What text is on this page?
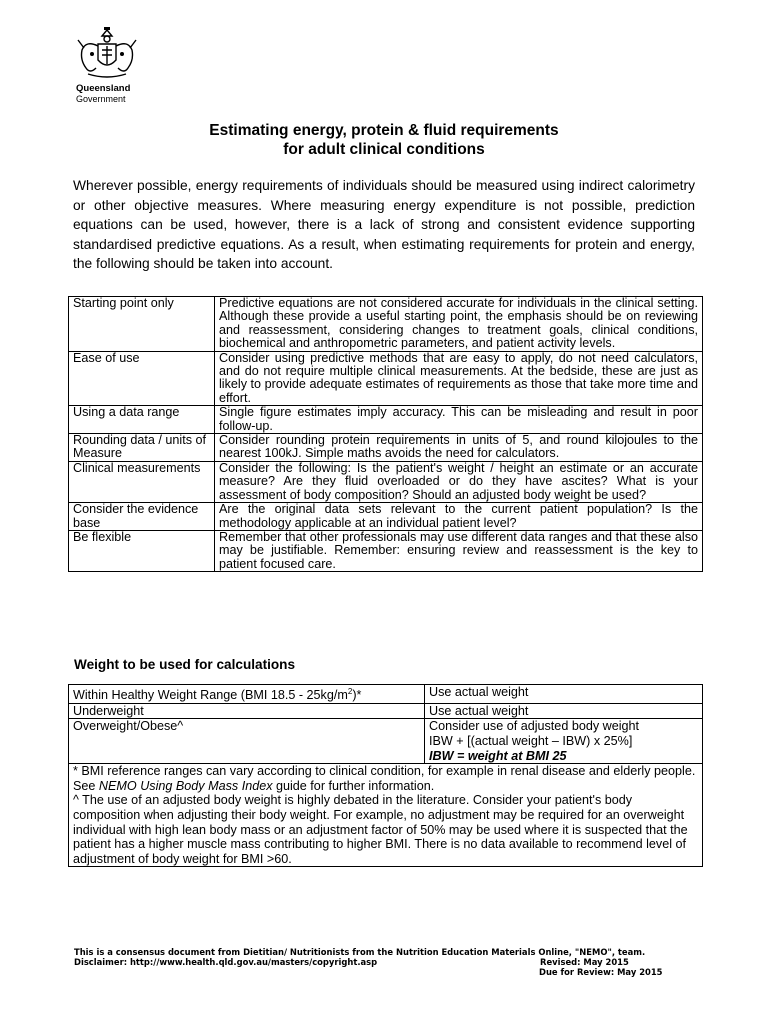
Queensland
Government
Estimating energy, protein & fluid requirements
for adult clinical conditions

Wherever possible, energy requirements of individuals should be measured using indirect calorimetry or other objective measures. Where measuring energy expenditure is not possible, prediction equations can be used, however, there is a lack of strong and consistent evidence supporting standardised predictive equations. As a result, when estimating requirements for protein and energy, the following should be taken into account.

Starting point only	Predictive equations are not considered accurate for individuals in the clinical setting. Although these provide a useful starting point, the emphasis should be on reviewing and reassessment, considering changes to treatment goals, clinical conditions, biochemical and anthropometric parameters, and patient activity levels.
Ease of use	Consider using predictive methods that are easy to apply, do not need calculators, and do not require multiple clinical measurements. At the bedside, these are just as likely to provide adequate estimates of requirements as those that take more time and effort.
Using a data range	Single figure estimates imply accuracy. This can be misleading and result in poor follow-up.
Rounding data / units of Measure	Consider rounding protein requirements in units of 5, and round kilojoules to the nearest 100kJ. Simple maths avoids the need for calculators.
Clinical measurements	Consider the following: Is the patient's weight / height an estimate or an accurate measure? Are they fluid overloaded or do they have ascites? What is your assessment of body composition? Should an adjusted body weight be used?
Consider the evidence base	Are the original data sets relevant to the current patient population? Is the methodology applicable at an individual patient level?
Be flexible	Remember that other professionals may use different data ranges and that these also may be justifiable. Remember: ensuring review and reassessment is the key to patient focused care.
Weight to be used for calculations
Within Healthy Weight Range (BMI $18.5 - 25kg/m^2)*$	Use actual weight
Underweight	Use actual weight
Overweight/Obese^	Consider use of adjusted body weight
IBW + [(actual weight – IBW) x 25%]
IBW = weight at BMI 25

* BMI reference ranges can vary according to clinical condition, for example in renal disease and elderly people. See NEMO Using Body Mass Index guide for further information.
^ The use of an adjusted body weight is highly debated in the literature. Consider your patient's body composition when adjusting their body weight. For example, no adjustment may be required for an overweight individual with high lean body mass or an adjustment factor of 50% may be used where it is suspected that the patient has a higher muscle mass contributing to higher BMI. There is no data available to recommend level of adjustment of body weight for BMI >60.	
This is a consensus document from Dietitian/ Nutritionists from the Nutrition Education Materials Online, "NEMO", team.
Disclaimer: http://www.health.qld.gov.au/masters/copyright.asp	Revised: May 2015
Due for Review: May 2015
